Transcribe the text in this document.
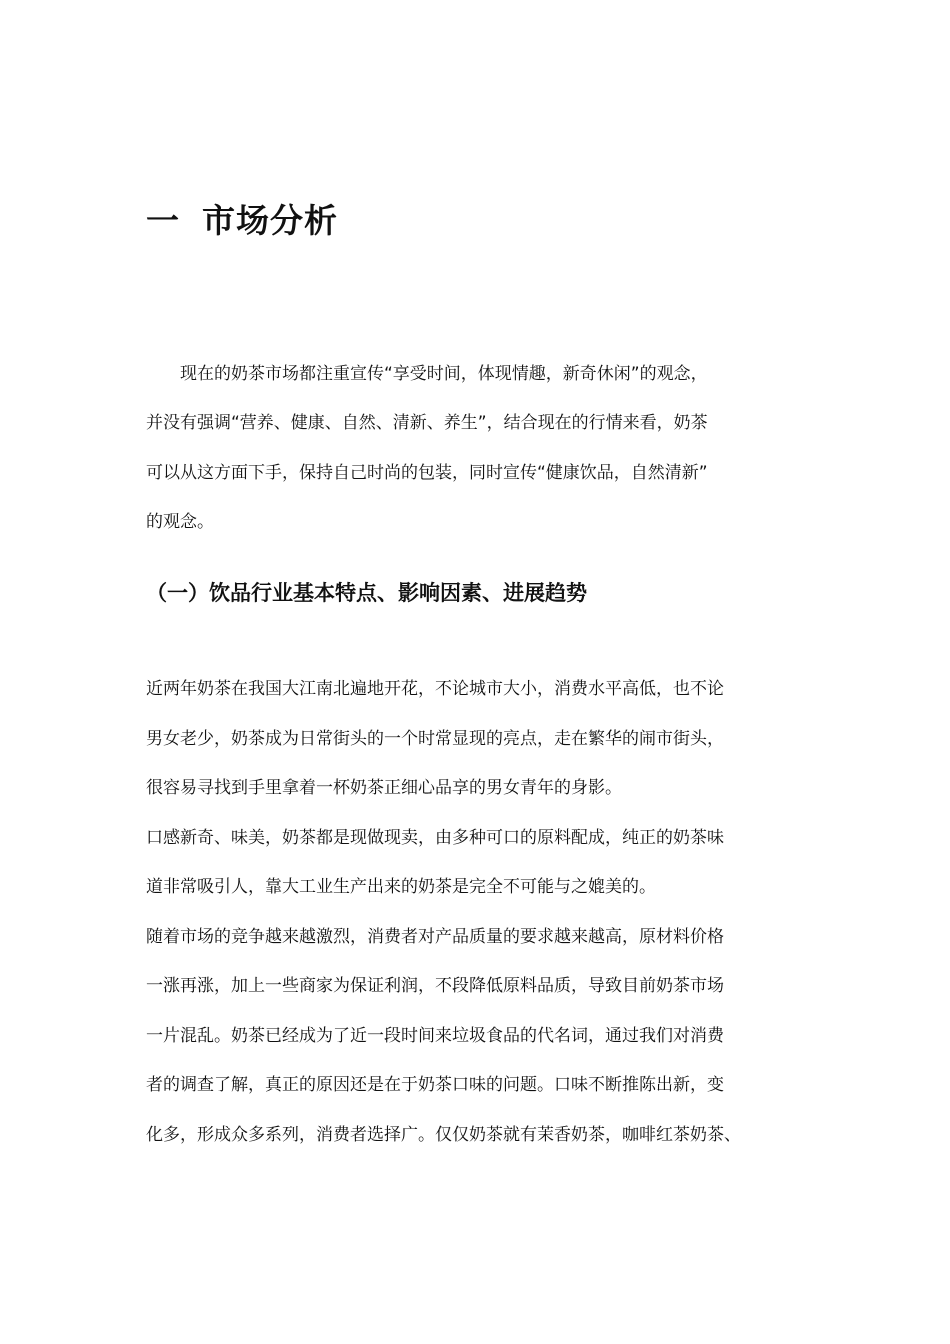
一 市场分析
现在的奶茶市场都注重宣传“享受时间，体现情趣，新奇休闲”的观念，
并没有强调“营养、健康、自然、清新、养生”，结合现在的行情来看，奶茶
可以从这方面下手，保持自己时尚的包装，同时宣传“健康饮品，自然清新”
的观念。
（一）饮品行业基本特点、影响因素、进展趋势
近两年奶茶在我国大江南北遍地开花，不论城市大小，消费水平高低，也不论
男女老少，奶茶成为日常街头的一个时常显现的亮点，走在繁华的闹市街头，
很容易寻找到手里拿着一杯奶茶正细心品享的男女青年的身影。
口感新奇、味美，奶茶都是现做现卖，由多种可口的原料配成，纯正的奶茶味
道非常吸引人，靠大工业生产出来的奶茶是完全不可能与之媲美的。
随着市场的竞争越来越激烈，消费者对产品质量的要求越来越高，原材料价格
一涨再涨，加上一些商家为保证利润，不段降低原料品质，导致目前奶茶市场
一片混乱。奶茶已经成为了近一段时间来垃圾食品的代名词，通过我们对消费
者的调查了解，真正的原因还是在于奶茶口味的问题。口味不断推陈出新，变
化多，形成众多系列，消费者选择广。仅仅奶茶就有茉香奶茶，咖啡红茶奶茶、
